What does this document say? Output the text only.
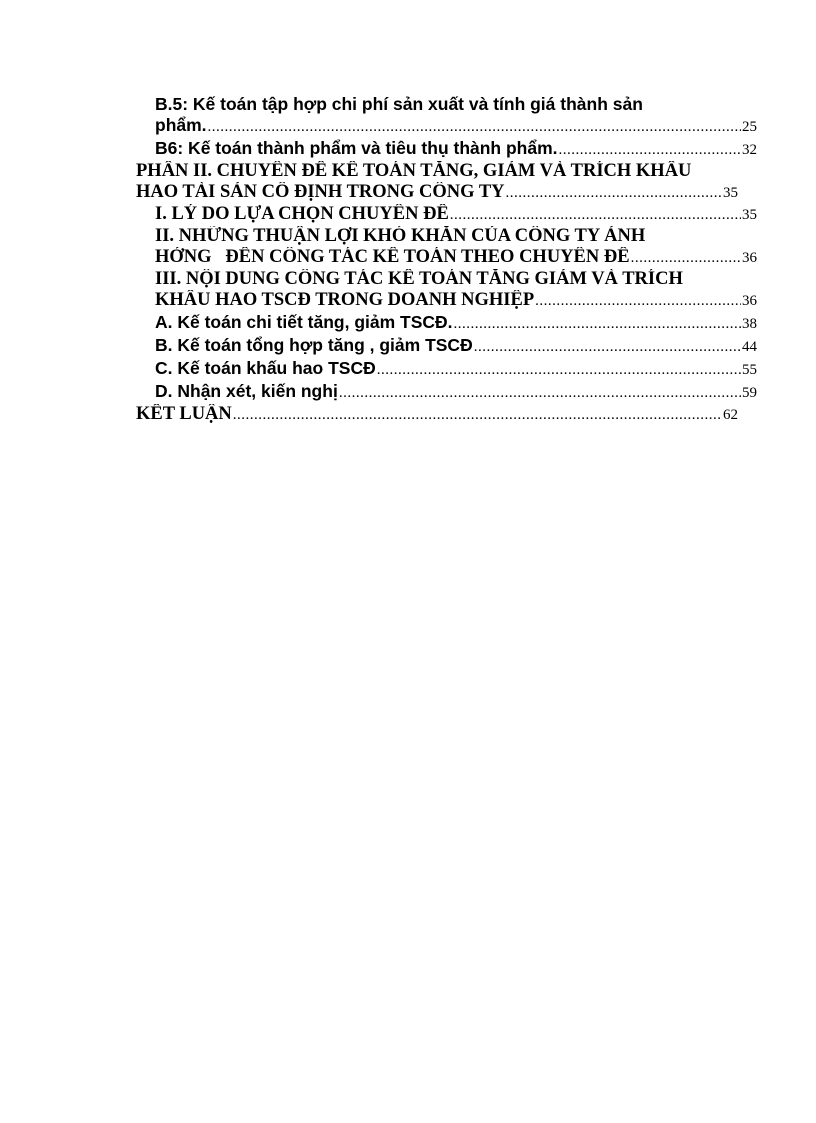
B.5: Kế toán tập hợp chi phí sản xuất và tính giá thành sản
phẩm. .....	25
B6: Kế toán thành phẩm và tiêu thụ thành phẩm. .....	32
PHẦN II. CHUYÊN ĐỀ KẾ TOÁN TĂNG, GIẢM VÀ TRÍCH KHẤU
HAO TÀI SẢN CỐ ĐỊNH TRONG CÔNG TY .....	35
I. LÝ DO LỰA CHỌN CHUYÊN ĐỀ .....	35
II. NHỮNG THUẬN LỢI KHÓ KHĂN CỦA CÔNG TY ẢNH
HỞNG   ĐẾN CÔNG TÁC KẾ TOÁN THEO CHUYÊN ĐỀ .....	36
III. NỘI DUNG CÔNG TÁC KẾ TOÁN TĂNG GIẢM VÀ TRÍCH
KHẤU HAO TSCĐ TRONG DOANH NGHIỆP .....	36
A. Kế toán chi tiết tăng, giảm TSCĐ. .....	38
B. Kế toán tổng hợp tăng , giảm TSCĐ .....	44
C. Kế toán khấu hao TSCĐ .....	55
D. Nhận xét, kiến nghị .....	59
KẾT LUẬN .....	62
